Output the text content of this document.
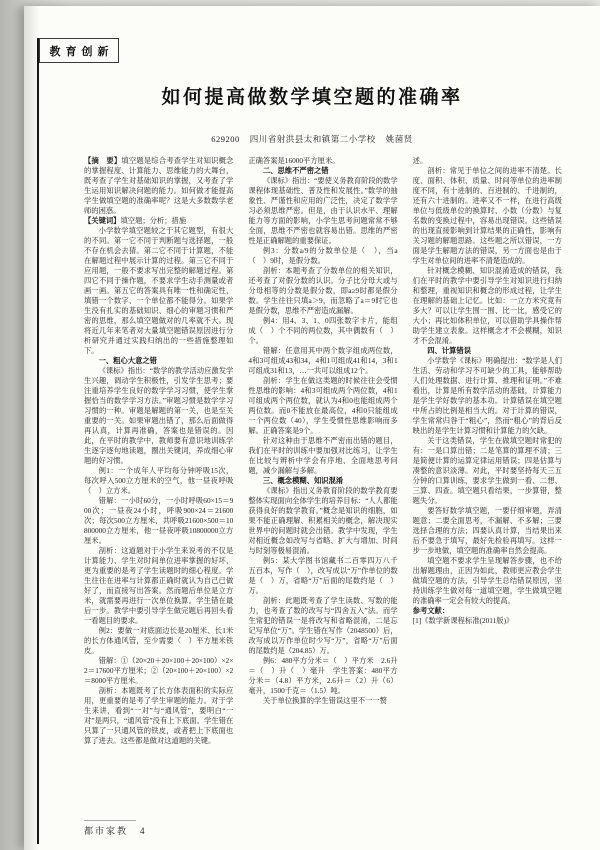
教育创新
如何提高做数学填空题的准确率
629200 四川省射洪县太和镇第二小学校 姚菌贤

【摘　要】填空题是综合考查学生对知识概念的掌握程度、计算能力、思维能力的大舞台，既考查了学生对基础知识的掌握，又考查了学生运用知识解决问题的能力。如何做才能提高学生做填空题的准确率呢？这是大多数数学老师的困惑。

【关键词】填空题；分析；措施

小学数学填空题较之于其它题型，有很大的不同。第一它不同于判断题与选择题，一般不存在机会去猜。第二它不同于计算题，不能在解题过程中展示计算的过程。第三它不同于应用题，一般不要求写出完整的解题过程。第四它不同于操作题，不要求学生动手测量或者画一画。第五它的答案具有唯一性和确定性，填错一个数字、一个单位都不能得分。如果学生没有扎实的基础知识、细心的审题习惯和严密的思维，那么填空题做对的几率就不大。现将近几年来笔者对大量填空题错误原因进行分析研究并通过实践归纳出的一些措施整理如下。

一、粗心大意之错

《课标》指出：“数学的教学活动应激发学生兴趣，调动学生积极性，引发学生思考；要注重培养学生良好的数学学习习惯，使学生掌握恰当的数学学习方法。”审题习惯是数学学习习惯的一种。审题是解题的第一关，也是至关重要的一关。如果审题出错了，那么后面做得再认真，计算再准确，答案也是错误的。因此，在平时的教学中，教师要有意识地训练学生逐字逐句地读题，圈出关键词，养成细心审题的好习惯。

例1：一个成年人平均每分钟呼吸15次，每次呼入500立方厘米的空气，他一昼夜呼吸（　）立方米。

错解：一小时60分，一小时呼吸60×15＝900次；一昼夜24小时，呼吸900×24＝21600次；每次500立方厘米，共呼吸21600×500＝10800000立方厘米，他一昼夜呼吸10800000立方厘米。

剖析：这道题对于小学生来说考的不仅是计算能力、学生对时间单位进率掌握的好坏，更为重要的是考了学生读题时的细心程度。学生往往在进率与计算都正确时就认为自己已做好了，而直接写出答案。然而题后单位是立方米，就需要再进行一次单位换算。学生错在最后一步。教学中要引导学生做完题后再回头看一看题目的要求。

例2：要做一对底面边长是20厘米、长1米的长方体通风管，至少需要（　）平方厘米铁皮。

错解：①（20×20＋20×100＋20×100）×2×2＝17600平方厘米；②（20×100＋20×100）×2＝8000平方厘米。

剖析：本题既考了长方体表面积的实际应用，更重要的是考了学生审题的能力。对于学生来讲，看到“一对”与“通风管”，要明白“一对”是两只，“通风管”没有上下底面。学生错在只算了一只通风管的铁皮，或者把上下底面也算了进去。这些都是做对这道题的关键。

正确答案是16000平方厘米。

二、思维不严密之错

《课标》指出：“要使义务教育阶段的数学课程体现基础性、普及性和发展性。”数学的抽象性、严谨性和应用的广泛性，决定了数学学习必须思维严密。但是，由于认识水平、理解能力等方面的影响，小学生思考问题常常不够全面，思维不严密也就容易出错。思维的严密性是正确解题的重要保证。

例3：分数a/9的分数单位是（　），当a（　）9时，是假分数。

剖析：本题考查了分数单位的相关知识，还考查了对假分数的认识。分子比分母大或与分母相等的分数是假分数，即a≥9时都是假分数。学生往往只填a＞9，而忽略了a＝9时它也是假分数，思维不严密造成漏解。

例4：用4、3、1、0四张数字卡片，能组成（　）个不同的两位数，其中偶数有（　）个。

错解：任意用其中两个数字组成两位数，4和3可组成43和34，4和1可组成41和14，3和1可组成31和13，…一共可以组成12个。

剖析：学生在做这类题的时候往往会受惯性思维的影响：4和3可组成两个两位数，4和1可组成两个两位数，就认为4和0也能组成两个两位数。而0不能放在最高位，4和0只能组成一个两位数（40），学生受惯性思维影响而多解。正确答案是9个。

针对这种由于思维不严密而出错的题目，我们在平时的训练中要加强对比练习，让学生在比较与辨析中学会有序地、全面地思考问题，减少漏解与多解。

三、概念模糊、知识混淆

《课标》指出义务教育阶段的数学教育要整体实现面向全体学生的培养目标：“人人都能获得良好的数学教育。”概念是知识的细胞，如果不能正确理解、积累相关的概念，解决现实世界中的问题时就会出错。教学中发现，学生对相近概念如改写与省略、扩大与增加、时间与时刻等极易混淆。

例5：某大学图书馆藏书二百零四万八千五百本，写作（　），改写成以“万”作单位的数是（　）万，省略“万”后面的尾数约是（　）万。

剖析：此题既考查了学生读数、写数的能力，也考查了数的改写与“四舍五入”法。而学生常犯的错误一是将改写和省略混淆，二是忘记写单位“万”。学生错在写作（2048500）后，改写成以万作单位时少写“万”，省略“万”后面的尾数约是（204.85）万。

例6：480平方分米＝（　）平方米　2.6升＝（　）升（　）毫升　学生答案：480平方分米＝（4.8）平方米，2.6升＝（2）升（6）毫升，1500千克＝（1.5）吨。

关于单位换算的学生错误这里不一一赘

述。

剖析：常见于单位之间的进率不清楚。长度、面积、体积、质量、时间等单位的进率制度不同，有十进制的、百进制的、千进制的，还有六十进制的。进率又不一样，在进行高级单位与低级单位的换算时、小数（分数）与复名数的变换过程中，容易出现错误。这些错误的出现直接影响到计算结果的正确性，影响有关习题的解题思路。这些题之所以错误，一方面是学生解题方法的错误，另一方面也是由于学生对单位间的进率不清楚造成的。

针对概念模糊、知识混淆造成的错误，我们在平时的教学中要引导学生对知识进行归纳和整理，重视知识和概念的形成过程，让学生在理解的基础上记忆。比如：一立方米究竟有多大？可以让学生围一围、比一比，感受它的大小；再比如体积单位，可以借助学具操作帮助学生建立表象。这样概念才不会模糊，知识才不会混淆。

四、计算错误

小学数学《课标》明确提出：“数学是人们生活、劳动和学习不可缺少的工具，能够帮助人们处理数据、进行计算、推理和证明。”不难看出，计算是所有数学活动的基础，计算能力是学生学好数学的基本功。计算错误在填空题中所占的比例是相当大的。对于计算的错误，学生常常归咎于“粗心”，然而“粗心”的背后反映出的是学生计算习惯和计算能力的欠缺。

关于这类错误，学生在做填空题时常犯的有：一是口算出错；二是笔算的算理不清；三是简便计算的运算定律运用错误；四是估算与凑整的意识淡薄。对此，平时要坚持每天三五分钟的口算训练，要求学生做到一看、二想、三算、四查。填空题只看结果，一步算错，整题失分。

要答好数学填空题，一要仔细审题，弄清题意；二要全面思考，不漏解、不多解；三要选择合理的方法；四要认真计算，当结果出来后不要急于填写，最好先检验再填写。这样一步一步地做，填空题的准确率自然会提高。

填空题不要求学生呈现解答步骤，也不给出解题理由，正因为如此，教师更应教会学生做填空题的方法，引导学生总结错误原因，坚持训练学生做对每一道填空题，学生做填空题的准确率一定会有较大的提高。

参考文献：

[1]《数学新课程标准(2011版)》

都市家教 4
